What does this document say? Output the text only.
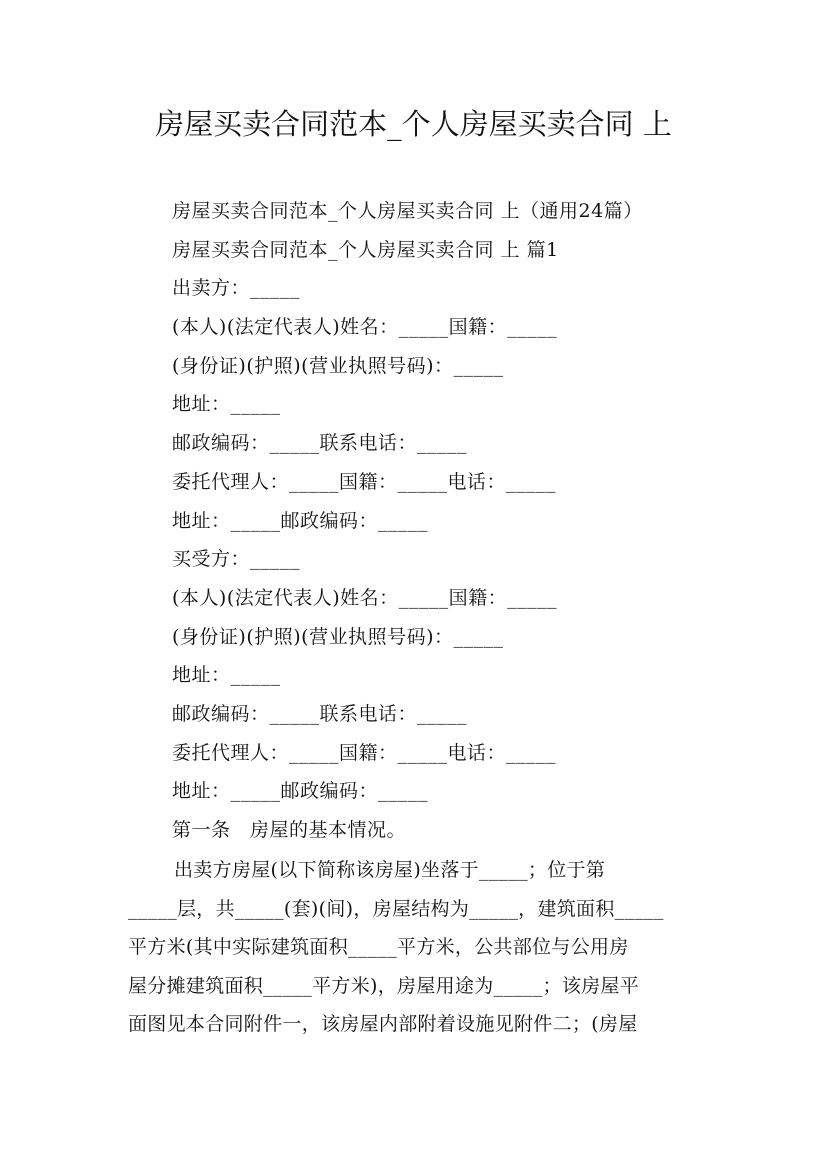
房屋买卖合同范本_个人房屋买卖合同 上
房屋买卖合同范本_个人房屋买卖合同 上（通用24篇）
房屋买卖合同范本_个人房屋买卖合同 上 篇1
出卖方：_____
(本人)(法定代表人)姓名：_____国籍：_____
(身份证)(护照)(营业执照号码)：_____
地址：_____
邮政编码：_____联系电话：_____
委托代理人：_____国籍：_____电话：_____
地址：_____邮政编码：_____
买受方：_____
(本人)(法定代表人)姓名：_____国籍：_____
(身份证)(护照)(营业执照号码)：_____
地址：_____
邮政编码：_____联系电话：_____
委托代理人：_____国籍：_____电话：_____
地址：_____邮政编码：_____
第一条　房屋的基本情况。
出卖方房屋(以下简称该房屋)坐落于_____；位于第
_____层，共_____(套)(间)，房屋结构为_____，建筑面积_____
平方米(其中实际建筑面积_____平方米，公共部位与公用房
屋分摊建筑面积_____平方米)，房屋用途为_____；该房屋平
面图见本合同附件一，该房屋内部附着设施见附件二；(房屋
